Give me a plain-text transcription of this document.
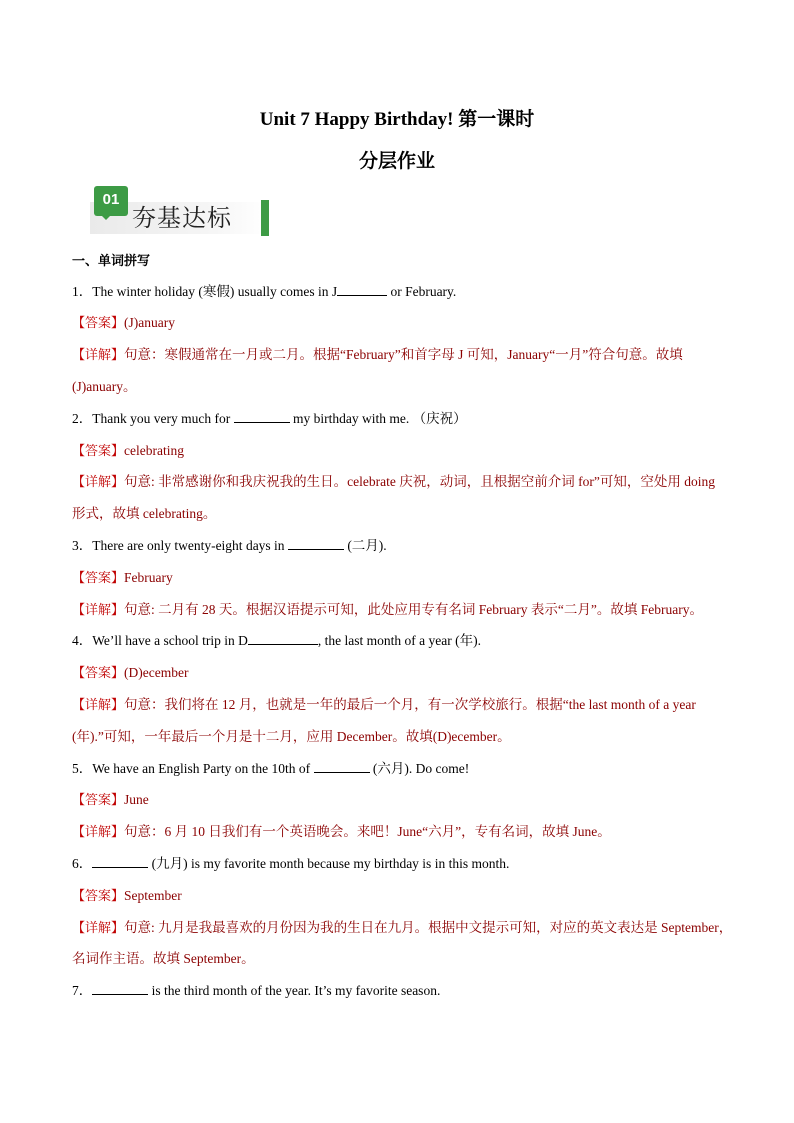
Unit 7 Happy Birthday! 第一课时
分层作业
01
夯基达标
一、单词拼写
1．The winter holiday (寒假) usually comes in J	or February.
【答案】(J)anuary
【详解】句意：寒假通常在一月或二月。根据“February”和首字母 J 可知，January“一月”符合句意。故填
(J)anuary。
2．Thank you very much for	my birthday with me. （庆祝）
【答案】celebrating
【详解】句意: 非常感谢你和我庆祝我的生日。celebrate 庆祝，动词，且根据空前介词 for”可知，空处用 doing
形式，故填 celebrating。
3．There are only twenty-eight days in	(二月).
【答案】February
【详解】句意: 二月有 28 天。根据汉语提示可知，此处应用专有名词 February 表示“二月”。故填 February。
4．We’ll have a school trip in D	, the last month of a year (年).
【答案】(D)ecember
【详解】句意：我们将在 12 月，也就是一年的最后一个月，有一次学校旅行。根据“the last month of a year
(年).”可知，一年最后一个月是十二月，应用 December。故填(D)ecember。
5．We have an English Party on the 10th of	(六月). Do come!
【答案】June
【详解】句意：6 月 10 日我们有一个英语晚会。来吧！June“六月”，专有名词，故填 June。
6．	(九月) is my favorite month because my birthday is in this month.
【答案】September
【详解】句意: 九月是我最喜欢的月份因为我的生日在九月。根据中文提示可知，对应的英文表达是 September，
名词作主语。故填 September。
7．	is the third month of the year. It’s my favorite season.
